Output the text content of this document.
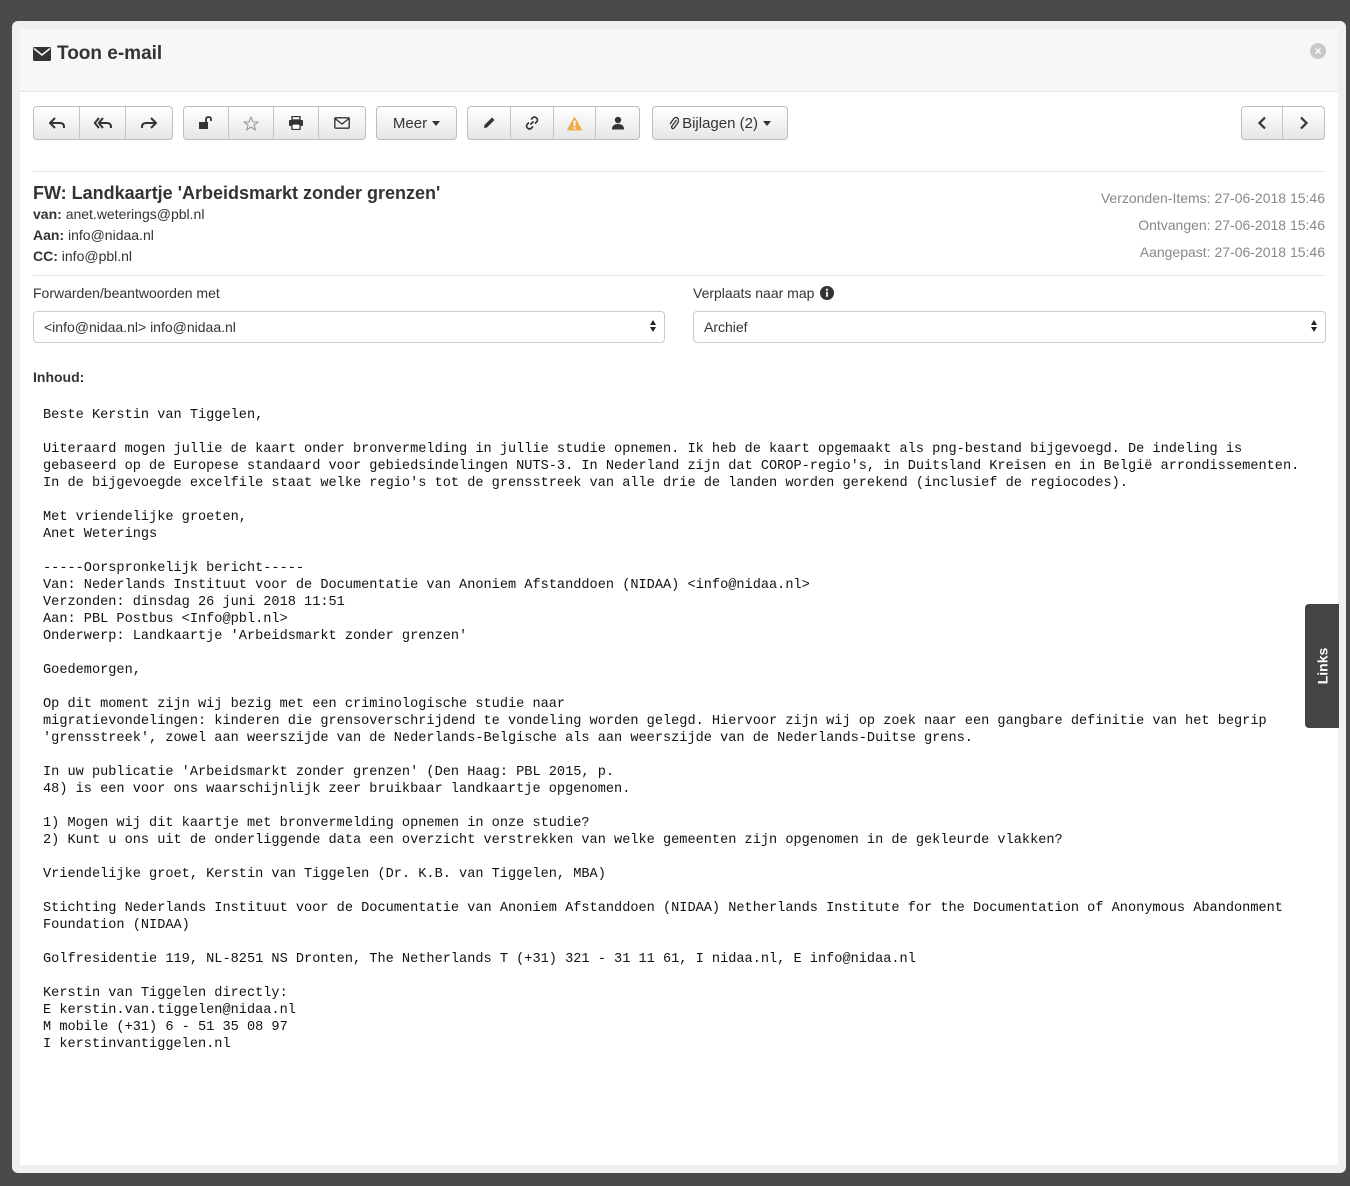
Toon e-mail	×
Meer	Bijlagen (2)
FW: Landkaartje 'Arbeidsmarkt zonder grenzen'
van: anet.weterings@pbl.nl
Aan: info@nidaa.nl
CC: info@pbl.nl
Verzonden-Items: 27-06-2018 15:46
Ontvangen: 27-06-2018 15:46
Aangepast: 27-06-2018 15:46
Forwarden/beantwoorden met
<info@nidaa.nl> info@nidaa.nl
Verplaats naar map
Archief
Inhoud:
Beste Kerstin van Tiggelen,

Uiteraard mogen jullie de kaart onder bronvermelding in jullie studie opnemen. Ik heb de kaart opgemaakt als png-bestand bijgevoegd. De indeling is gebaseerd op de Europese standaard voor gebiedsindelingen NUTS-3. In Nederland zijn dat COROP-regio's, in Duitsland Kreisen en in België arrondissementen. In de bijgevoegde excelfile staat welke regio's tot de grensstreek van alle drie de landen worden gerekend (inclusief de regiocodes).

Met vriendelijke groeten,
Anet Weterings

-----Oorspronkelijk bericht-----
Van: Nederlands Instituut voor de Documentatie van Anoniem Afstanddoen (NIDAA) <info@nidaa.nl>
Verzonden: dinsdag 26 juni 2018 11:51
Aan: PBL Postbus <Info@pbl.nl>
Onderwerp: Landkaartje 'Arbeidsmarkt zonder grenzen'

Goedemorgen,

Op dit moment zijn wij bezig met een criminologische studie naar
migratievondelingen: kinderen die grensoverschrijdend te vondeling worden gelegd. Hiervoor zijn wij op zoek naar een gangbare definitie van het begrip 'grensstreek', zowel aan weerszijde van de Nederlands-Belgische als aan weerszijde van de Nederlands-Duitse grens.

In uw publicatie 'Arbeidsmarkt zonder grenzen' (Den Haag: PBL 2015, p.
48) is een voor ons waarschijnlijk zeer bruikbaar landkaartje opgenomen.

1) Mogen wij dit kaartje met bronvermelding opnemen in onze studie?
2) Kunt u ons uit de onderliggende data een overzicht verstrekken van welke gemeenten zijn opgenomen in de gekleurde vlakken?

Vriendelijke groet, Kerstin van Tiggelen (Dr. K.B. van Tiggelen, MBA)

Stichting Nederlands Instituut voor de Documentatie van Anoniem Afstanddoen (NIDAA) Netherlands Institute for the Documentation of Anonymous Abandonment Foundation (NIDAA)

Golfresidentie 119, NL-8251 NS Dronten, The Netherlands T (+31) 321 - 31 11 61, I nidaa.nl, E info@nidaa.nl

Kerstin van Tiggelen directly:
E kerstin.van.tiggelen@nidaa.nl
M mobile (+31) 6 - 51 35 08 97
I kerstinvantiggelen.nl
Links
